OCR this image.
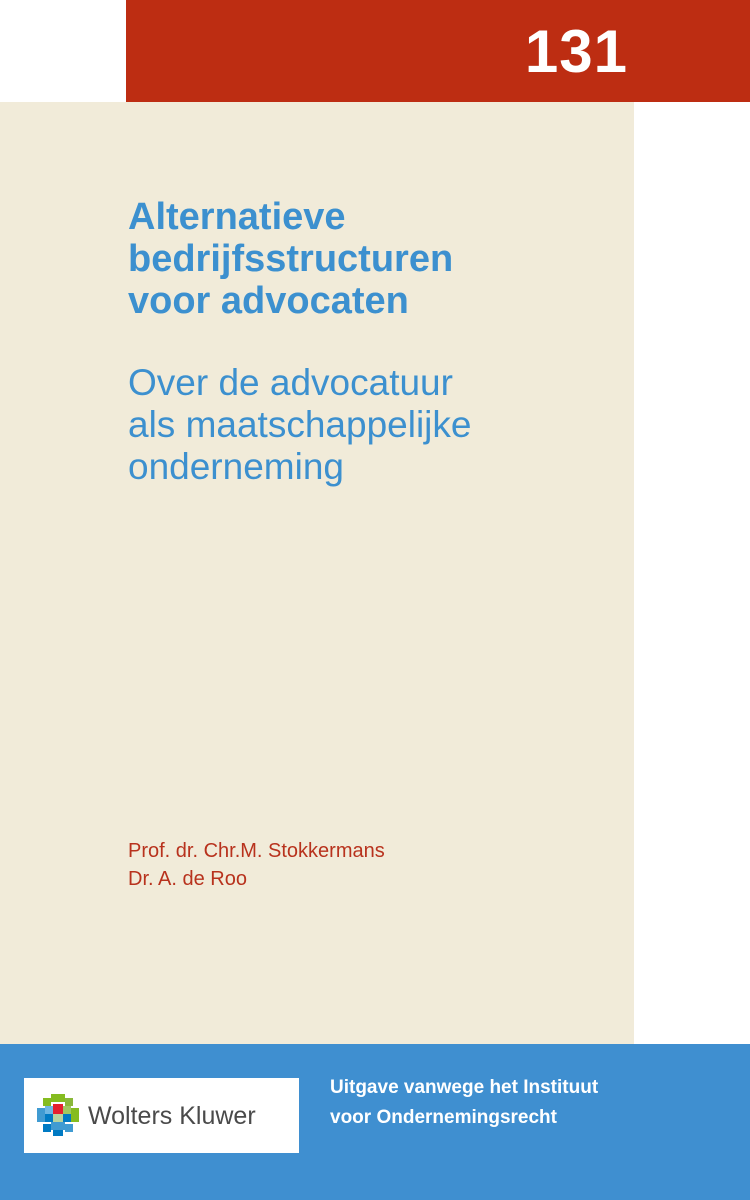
131
Alternatieve
bedrijfsstructuren
voor advocaten
Over de advocatuur
als maatschappelijke
onderneming
Prof. dr. Chr.M. Stokkermans
Dr. A. de Roo
Wolters Kluwer

Uitgave vanwege het Instituut
voor Ondernemingsrecht
